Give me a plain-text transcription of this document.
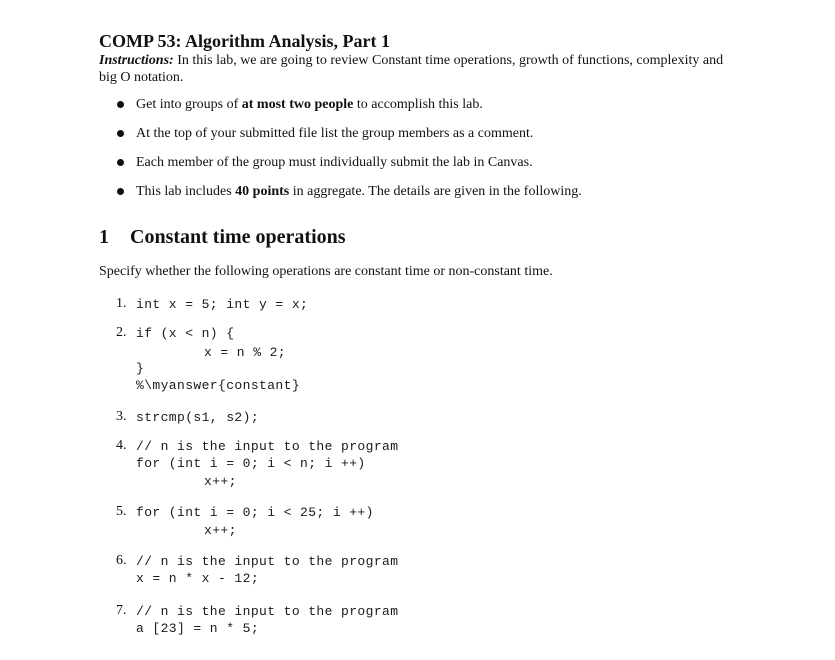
COMP 53: Algorithm Analysis, Part 1
Instructions: In this lab, we are going to review Constant time operations, growth of functions, complexity and big O notation.
Get into groups of at most two people to accomplish this lab.
At the top of your submitted file list the group members as a comment.
Each member of the group must individually submit the lab in Canvas.
This lab includes 40 points in aggregate. The details are given in the following.
1 Constant time operations
Specify whether the following operations are constant time or non-constant time.
1. int x = 5; int y = x;
2. if (x < n) {
x = n % 2;
}
%\myanswer{constant}
3. strcmp(s1, s2);
4. // n is the input to the program
for (int i = 0; i < n; i ++)
x++;
5. for (int i = 0; i < 25; i ++)
x++;
6. // n is the input to the program
x = n * x - 12;
7. // n is the input to the program
a [23] = n * 5;
